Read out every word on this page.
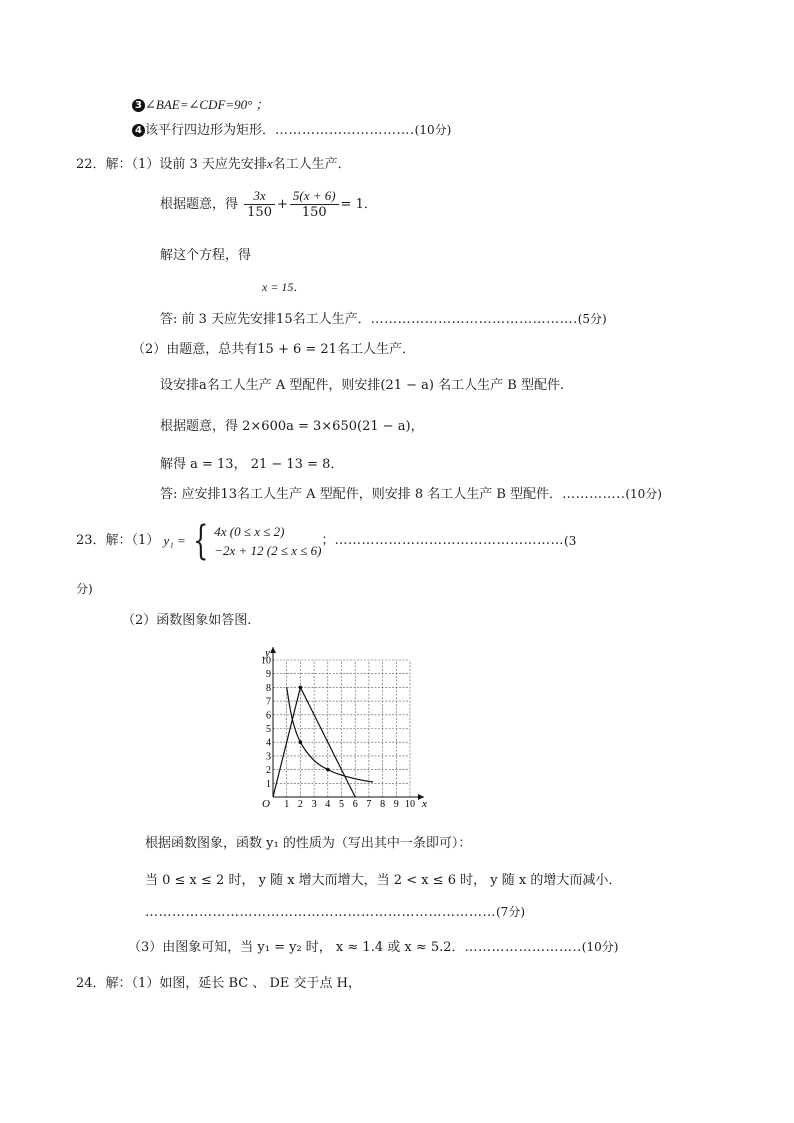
3 ∠BAE=∠CDF=90° ；
4 该平行四边形为矩形．………………………….(10分)
22．解：（1）设前 3 天应先安排x名工人生产．
根据题意，得 $\frac{3x}{150} + \frac{5(x + 6)}{150} = 1$．
解这个方程，得
x = 15．
答: 前 3 天应先安排15名工人生产．……………………………………….(5分)
（2）由题意，总共有15 + 6 = 21名工人生产．
设安排a名工人生产 A 型配件，则安排(21 − a) 名工人生产 B 型配件.
根据题意，得 2×600a = 3×650(21 − a)，
解得 a = 13， 21 − 13 = 8．
答: 应安排13名工人生产 A 型配件，则安排 8 名工人生产 B 型配件．…………..(10分)
23．解：（1） y₁ = { 4x (0 ≤ x ≤ 2)
−2x + 12 (2 ≤ x ≤ 6)
；……………………………………………(3
分)
（2）函数图象如答图.
x
y
O 1 2 3 4 5 6 7 8 9 10
1
2
3
4
5
6
7
8
9
10
根据函数图象，函数 y₁ 的性质为（写出其中一条即可）：
当 0 ≤ x ≤ 2 时， y 随 x 增大而增大，当 2 < x ≤ 6 时， y 随 x 的增大而减小．
……………………………………………………………………(7分)
（3）由图象可知，当 y₁ = y₂ 时， x ≈ 1.4 或 x ≈ 5.2．……………………..(10分)
24．解：（1）如图，延长 BC 、 DE 交于点 H，
